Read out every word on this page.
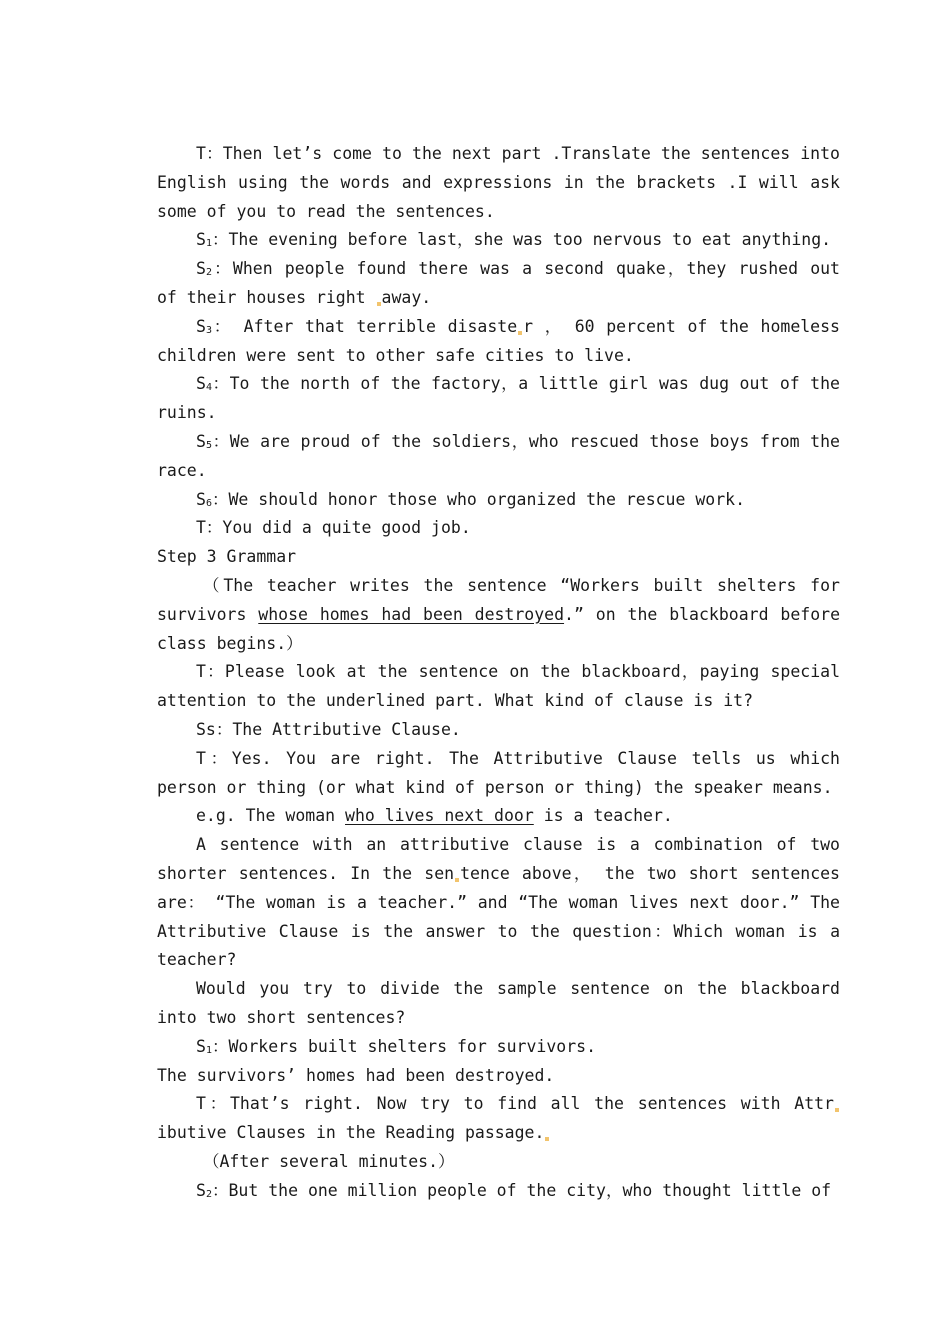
T：Then let’s come to the next part .Translate the sentences into English using the words and expressions in the brackets .I will ask some of you to read the sentences.

$S_1$：The evening before last，she was too nervous to eat anything.

$S_2$：When people found there was a second quake，they rushed out of their houses right away.

$S_3$： After that terrible disaste r ， 60 percent of the homeless children were sent to other safe cities to live.

$S_4$：To the north of the factory，a little girl was dug out of the ruins.

$S_5$：We are proud of the soldiers，who rescued those boys from the race.

$S_6$：We should honor those who organized the rescue work.

T：You did a quite good job.

Step 3 Grammar

（The teacher writes the sentence “Workers built shelters for survivors whose homes had been destroyed.” on the blackboard before class begins.）

T：Please look at the sentence on the blackboard，paying special attention to the underlined part. What kind of clause is it?

Ss：The Attributive Clause.

T：Yes. You are right. The Attributive Clause tells us which person or thing (or what kind of person or thing) the speaker means.

e.g. The woman who lives next door is a teacher.

A sentence with an attributive clause is a combination of two shorter sentences. In the sen tence above， the two short sentences are： “The woman is a teacher.” and “The woman lives next door.” The Attributive Clause is the answer to the question：Which woman is a teacher?

Would you try to divide the sample sentence on the blackboard into two short sentences?

$S_1$：Workers built shelters for survivors.

The survivors’ homes had been destroyed.

T：That’s right. Now try to find all the sentences with Attributive Clauses in the Reading passage.

（After several minutes.）

$S_2$：But the one million people of the city，who thought little of
